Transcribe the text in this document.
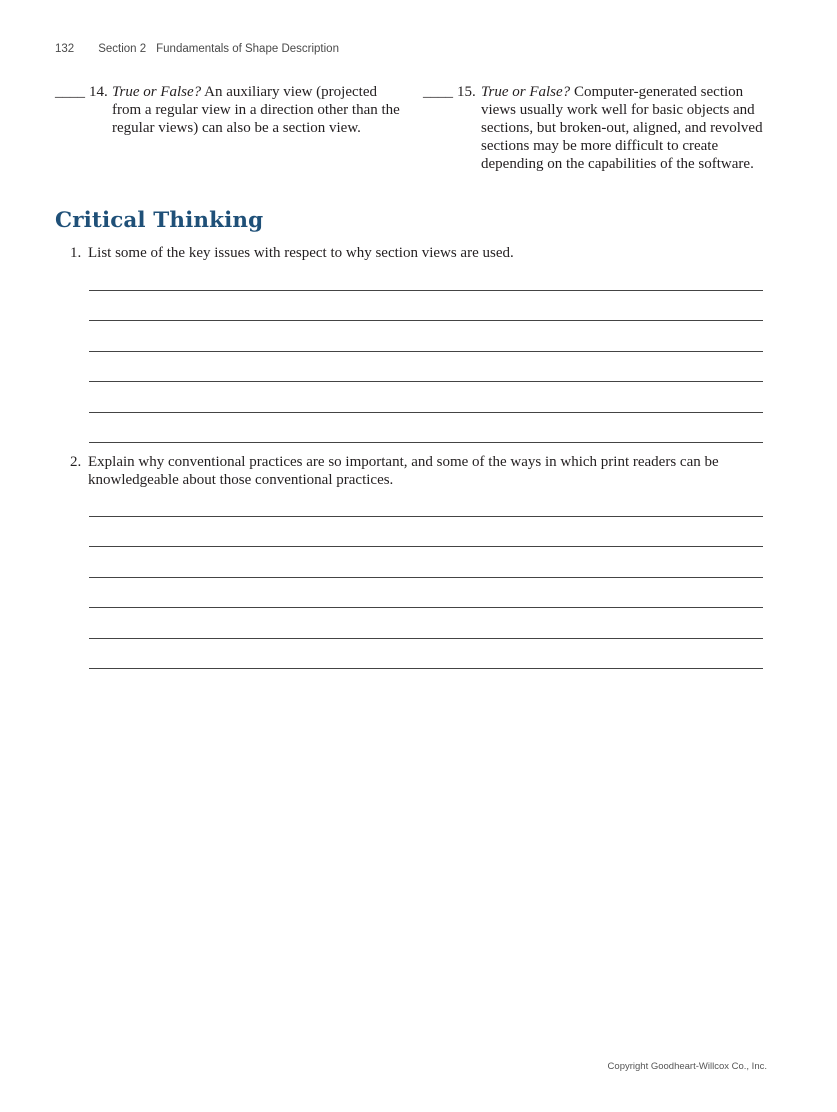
132 Section 2 Fundamentals of Shape Description
____ 14. True or False? An auxiliary view (projected from a regular view in a direction other than the regular views) can also be a section view.
____ 15. True or False? Computer-generated section views usually work well for basic objects and sections, but broken-out, aligned, and revolved sections may be more difficult to create depending on the capabilities of the software.
Critical Thinking
1. List some of the key issues with respect to why section views are used.
2. Explain why conventional practices are so important, and some of the ways in which print readers can be knowledgeable about those conventional practices.
Copyright Goodheart-Willcox Co., Inc.
